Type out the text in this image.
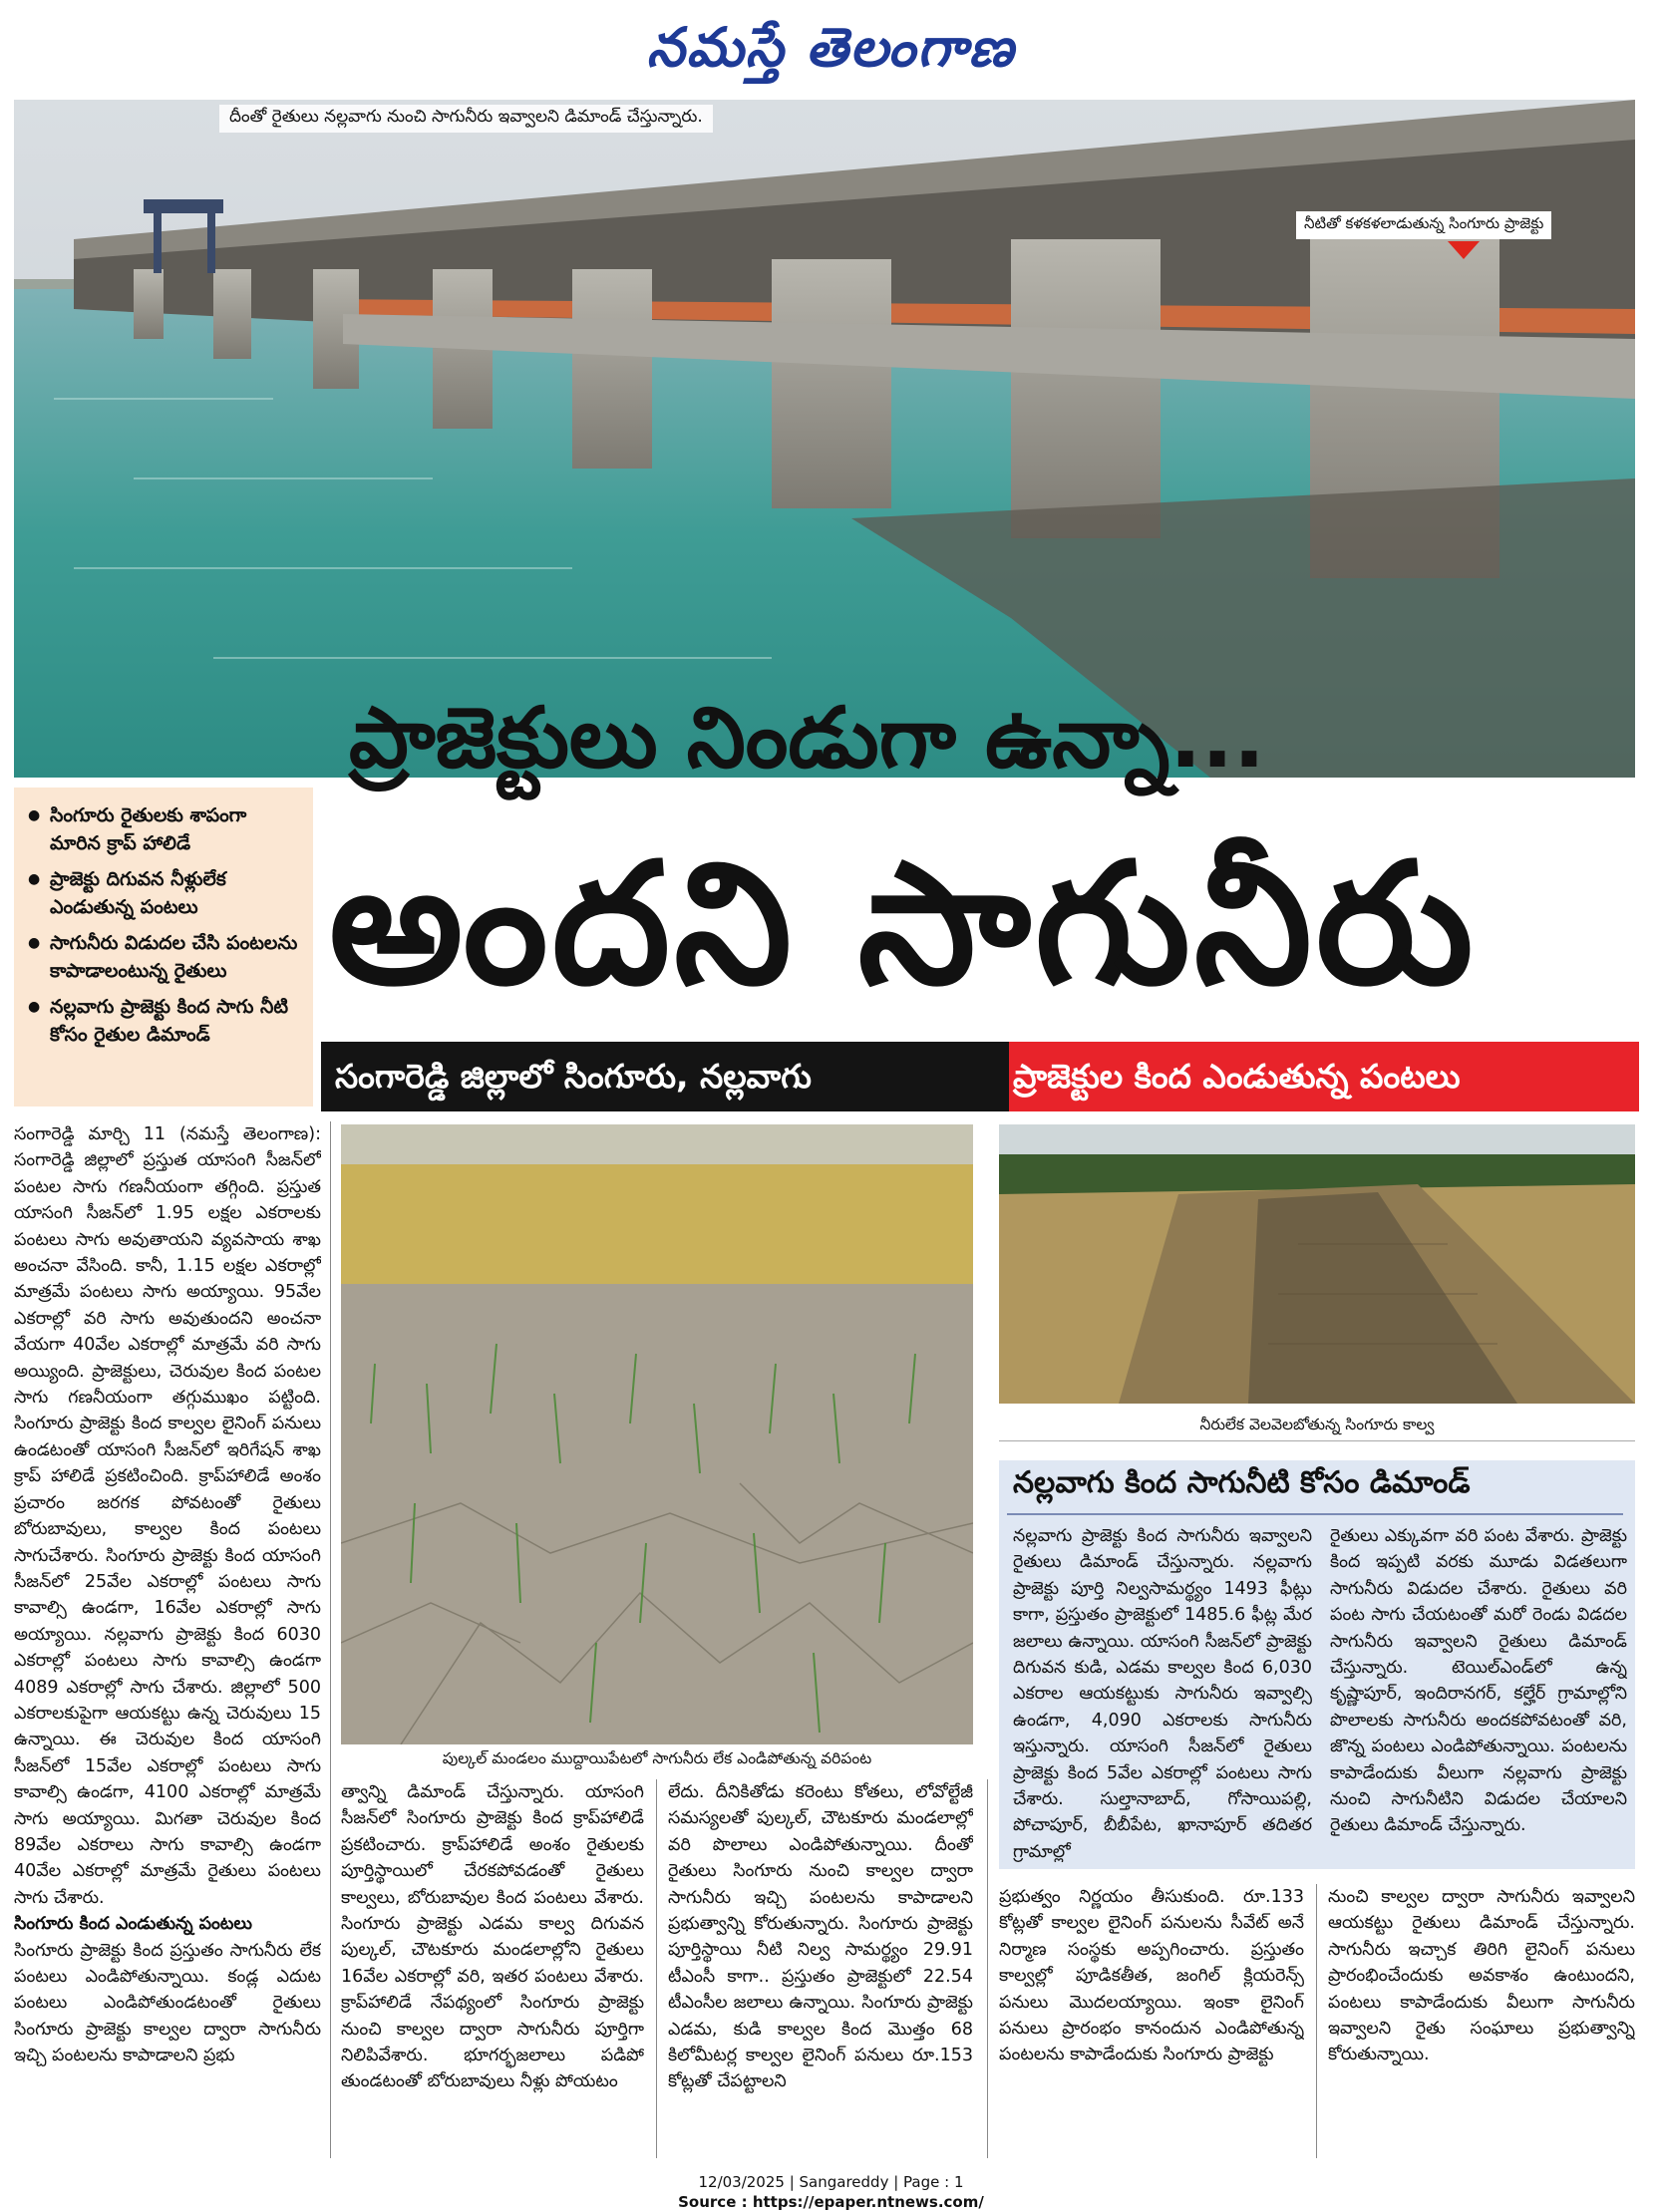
నమస్తే తెలంగాణ
దీంతో రైతులు నల్లవాగు నుంచి సాగునీరు ఇవ్వాలని డిమాండ్ చేస్తున్నారు.
నీటితో కళకళలాడుతున్న సింగూరు ప్రాజెక్టు
ప్రాజెక్టులు నిండుగా ఉన్నా...
అందని సాగునీరు
● సింగూరు రైతులకు శాపంగా మారిన క్రాప్ హాలిడే
● ప్రాజెక్టు దిగువన నీళ్లులేక ఎండుతున్న పంటలు
● సాగునీరు విడుదల చేసి పంటలను కాపాడాలంటున్న రైతులు
● నల్లవాగు ప్రాజెక్టు కింద సాగు నీటి కోసం రైతుల డిమాండ్
సంగారెడ్డి జిల్లాలో సింగూరు, నల్లవాగు	ప్రాజెక్టుల కింద ఎండుతున్న పంటలు

సంగారెడ్డి మార్చి 11 (నమస్తే తెలంగాణ): సంగారెడ్డి జిల్లాలో ప్రస్తుత యాసంగి సీజన్‌లో పంటల సాగు గణనీయంగా తగ్గింది. ప్రస్తుత యాసంగి సీజన్‌లో 1.95 లక్షల ఎకరాలకు పంటలు సాగు అవుతాయని వ్యవసాయ శాఖ అంచనా వేసింది. కానీ, 1.15 లక్షల ఎకరాల్లో మాత్రమే పంటలు సాగు అయ్యాయి. 95వేల ఎకరాల్లో వరి సాగు అవుతుందని అంచనా వేయగా 40వేల ఎకరాల్లో మాత్రమే వరి సాగు అయ్యింది. ప్రాజెక్టులు, చెరువుల కింద పంటల సాగు గణనీయంగా తగ్గుముఖం పట్టింది. సింగూరు ప్రాజెక్టు కింద కాల్వల లైనింగ్ పనులు ఉండటంతో యాసంగి సీజన్‌లో ఇరిగేషన్ శాఖ క్రాప్ హాలిడే ప్రకటించింది. క్రాప్‌హాలిడే అంశం ప్రచారం జరగక పోవటంతో రైతులు బోరుబావులు, కాల్వల కింద పంటలు సాగుచేశారు. సింగూరు ప్రాజెక్టు కింద యాసంగి సీజన్‌లో 25వేల ఎకరాల్లో పంటలు సాగు కావాల్సి ఉండగా, 16వేల ఎకరాల్లో సాగు అయ్యాయి. నల్లవాగు ప్రాజెక్టు కింద 6030 ఎకరాల్లో పంటలు సాగు కావాల్సి ఉండగా 4089 ఎకరాల్లో సాగు చేశారు. జిల్లాలో 500 ఎకరాలకుపైగా ఆయకట్టు ఉన్న చెరువులు 15 ఉన్నాయి. ఈ చెరువుల కింద యాసంగి సీజన్‌లో 15వేల ఎకరాల్లో పంటలు సాగు కావాల్సి ఉండగా, 4100 ఎకరాల్లో మాత్రమే సాగు అయ్యాయి. మిగతా చెరువుల కింద 89వేల ఎకరాలు సాగు కావాల్సి ఉండగా 40వేల ఎకరాల్లో మాత్రమే రైతులు పంటలు సాగు చేశారు.

సింగూరు కింద ఎండుతున్న పంటలు

సింగూరు ప్రాజెక్టు కింద ప్రస్తుతం సాగునీరు లేక పంటలు ఎండిపోతున్నాయి. కండ్ల ఎదుట పంటలు ఎండిపోతుండటంతో రైతులు సింగూరు ప్రాజెక్టు కాల్వల ద్వారా సాగునీరు ఇచ్చి పంటలను కాపాడాలని ప్రభు

పుల్కల్ మండలం ముద్దాయిపేటలో సాగునీరు లేక ఎండిపోతున్న వరిపంట
నీరులేక వెలవెలబోతున్న సింగూరు కాల్వ
నల్లవాగు కింద సాగునీటి కోసం డిమాండ్
నల్లవాగు ప్రాజెక్టు కింద సాగునీరు ఇవ్వాలని రైతులు డిమాండ్ చేస్తున్నారు. నల్లవాగు ప్రాజెక్టు పూర్తి నిల్వసామర్థ్యం 1493 ఫీట్లు కాగా, ప్రస్తుతం ప్రాజెక్టులో 1485.6 ఫీట్ల మేర జలాలు ఉన్నాయి. యాసంగి సీజన్‌లో ప్రాజెక్టు దిగువన కుడి, ఎడమ కాల్వల కింద 6,030 ఎకరాల ఆయకట్టుకు సాగునీరు ఇవ్వాల్సి ఉండగా, 4,090 ఎకరాలకు సాగునీరు ఇస్తున్నారు. యాసంగి సీజన్‌లో రైతులు ప్రాజెక్టు కింద 5వేల ఎకరాల్లో పంటలు సాగు చేశారు. సుల్తానాబాద్, గోసాయిపల్లి, పోచాపూర్, బీబీపేట, ఖానాపూర్ తదితర గ్రామాల్లో
రైతులు ఎక్కువగా వరి పంట వేశారు. ప్రాజెక్టు కింద ఇప్పటి వరకు మూడు విడతలుగా సాగునీరు విడుదల చేశారు. రైతులు వరి పంట సాగు చేయటంతో మరో రెండు విడదల సాగునీరు ఇవ్వాలని రైతులు డిమాండ్ చేస్తున్నారు. టెయిల్‌ఎండ్‌లో ఉన్న కృష్ణాపూర్, ఇందిరానగర్, కల్హేర్ గ్రామాల్లోని పొలాలకు సాగునీరు అందకపోవటంతో వరి, జొన్న పంటలు ఎండిపోతున్నాయి. పంటలను కాపాడేందుకు వీలుగా నల్లవాగు ప్రాజెక్టు నుంచి సాగునీటిని విడుదల చేయాలని రైతులు డిమాండ్ చేస్తున్నారు.
త్వాన్ని డిమాండ్ చేస్తున్నారు. యాసంగి సీజన్‌లో సింగూరు ప్రాజెక్టు కింద క్రాప్‌హాలిడే ప్రకటించారు. క్రాప్‌హాలిడే అంశం రైతులకు పూర్తిస్థాయిలో చేరకపోవడంతో రైతులు కాల్వలు, బోరుబావుల కింద పంటలు వేశారు. సింగూరు ప్రాజెక్టు ఎడమ కాల్వ దిగువన పుల్కల్, చౌటకూరు మండలాల్లోని రైతులు 16వేల ఎకరాల్లో వరి, ఇతర పంటలు వేశారు. క్రాప్‌హాలిడే నేపథ్యంలో సింగూరు ప్రాజెక్టు నుంచి కాల్వల ద్వారా సాగునీరు పూర్తిగా నిలిపివేశారు. భూగర్భజలాలు పడిపో తుండటంతో బోరుబావులు నీళ్లు పోయటం
లేదు. దీనికితోడు కరెంటు కోతలు, లోవోల్టేజీ సమస్యలతో పుల్కల్, చౌటకూరు మండలాల్లో వరి పొలాలు ఎండిపోతున్నాయి. దీంతో రైతులు సింగూరు నుంచి కాల్వల ద్వారా సాగునీరు ఇచ్చి పంటలను కాపాడాలని ప్రభుత్వాన్ని కోరుతున్నారు. సింగూరు ప్రాజెక్టు పూర్తిస్థాయి నీటి నిల్వ సామర్థ్యం 29.91 టీఎంసీ కాగా.. ప్రస్తుతం ప్రాజెక్టులో 22.54 టీఎంసీల జలాలు ఉన్నాయి. సింగూరు ప్రాజెక్టు ఎడమ, కుడి కాల్వల కింద మొత్తం 68 కిలోమీటర్ల కాల్వల లైనింగ్ పనులు రూ.153 కోట్లతో చేపట్టాలని
ప్రభుత్వం నిర్ణయం తీసుకుంది. రూ.133 కోట్లతో కాల్వల లైనింగ్ పనులను సీవేట్ అనే నిర్మాణ సంస్థకు అప్పగించారు. ప్రస్తుతం కాల్వల్లో పూడికతీత, జంగిల్ క్లియరెన్స్ పనులు మొదలయ్యాయి. ఇంకా లైనింగ్ పనులు ప్రారంభం కానందున ఎండిపోతున్న పంటలను కాపాడేందుకు సింగూరు ప్రాజెక్టు
నుంచి కాల్వల ద్వారా సాగునీరు ఇవ్వాలని ఆయకట్టు రైతులు డిమాండ్ చేస్తున్నారు. సాగునీరు ఇచ్చాక తిరిగి లైనింగ్ పనులు ప్రారంభించేందుకు అవకాశం ఉంటుందని, పంటలు కాపాడేందుకు వీలుగా సాగునీరు ఇవ్వాలని రైతు సంఘాలు ప్రభుత్వాన్ని కోరుతున్నాయి.
12/03/2025 | Sangareddy | Page : 1
Source : https://epaper.ntnews.com/
